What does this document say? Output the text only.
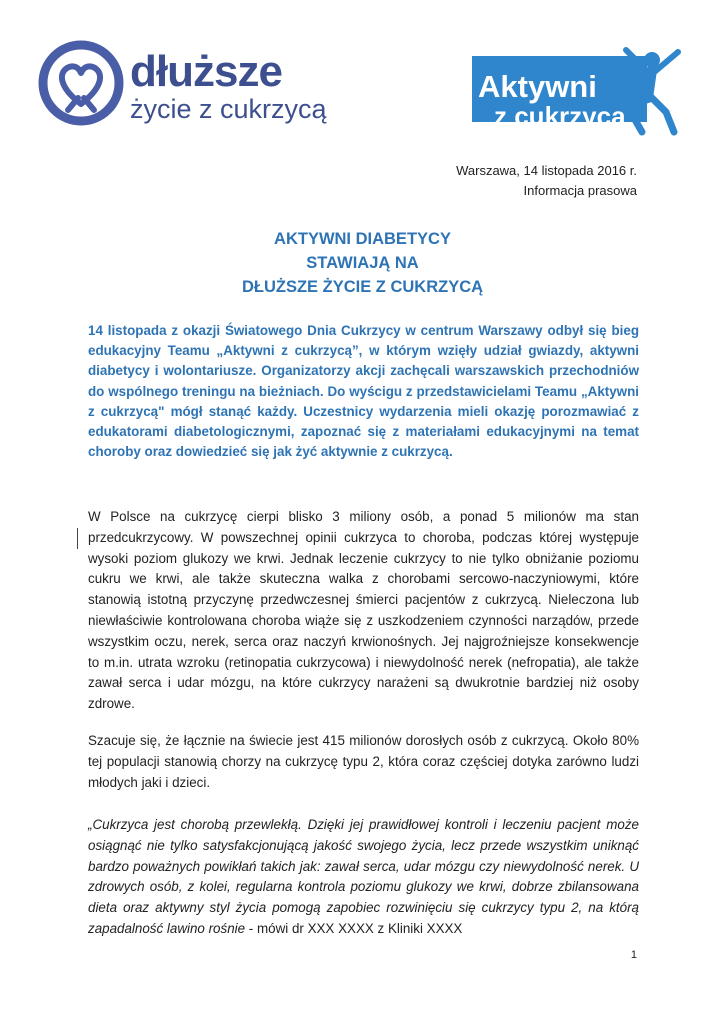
dłuższe
życie z cukrzycą
Aktywni
z cukrzycą
Warszawa, 14 listopada 2016 r.
Informacja prasowa
AKTYWNI DIABETYCY
STAWIAJĄ NA
DŁUŻSZE ŻYCIE Z CUKRZYCĄ
14 listopada z okazji Światowego Dnia Cukrzycy w centrum Warszawy odbył się bieg edukacyjny Teamu „Aktywni z cukrzycą”, w którym wzięły udział gwiazdy, aktywni diabetycy i wolontariusze. Organizatorzy akcji zachęcali warszawskich przechodniów do wspólnego treningu na bieżniach. Do wyścigu z przedstawicielami Teamu „Aktywni z cukrzycą" mógł stanąć każdy. Uczestnicy wydarzenia mieli okazję porozmawiać z edukatorami diabetologicznymi, zapoznać się z materiałami edukacyjnymi na temat choroby oraz dowiedzieć się jak żyć aktywnie z cukrzycą.
W Polsce na cukrzycę cierpi blisko 3 miliony osób, a ponad 5 milionów ma stan przedcukrzycowy. W powszechnej opinii cukrzyca to choroba, podczas której występuje wysoki poziom glukozy we krwi. Jednak leczenie cukrzycy to nie tylko obniżanie poziomu cukru we krwi, ale także skuteczna walka z chorobami sercowo-naczyniowymi, które stanowią istotną przyczynę przedwczesnej śmierci pacjentów z cukrzycą. Nieleczona lub niewłaściwie kontrolowana choroba wiąże się z uszkodzeniem czynności narządów, przede wszystkim oczu, nerek, serca oraz naczyń krwionośnych. Jej najgroźniejsze konsekwencje to m.in. utrata wzroku (retinopatia cukrzycowa) i niewydolność nerek (nefropatia), ale także zawał serca i udar mózgu, na które cukrzycy narażeni są dwukrotnie bardziej niż osoby zdrowe.
Szacuje się, że łącznie na świecie jest 415 milionów dorosłych osób z cukrzycą. Około 80% tej populacji stanowią chorzy na cukrzycę typu 2, która coraz częściej dotyka zarówno ludzi młodych jaki i dzieci.
„Cukrzyca jest chorobą przewlekłą. Dzięki jej prawidłowej kontroli i leczeniu pacjent może osiągnąć nie tylko satysfakcjonującą jakość swojego życia, lecz przede wszystkim uniknąć bardzo poważnych powikłań takich jak: zawał serca, udar mózgu czy niewydolność nerek. U zdrowych osób, z kolei, regularna kontrola poziomu glukozy we krwi, dobrze zbilansowana dieta oraz aktywny styl życia pomogą zapobiec rozwinięciu się cukrzycy typu 2, na którą zapadalność lawino rośnie - mówi dr XXX XXXX z Kliniki XXXX
1
